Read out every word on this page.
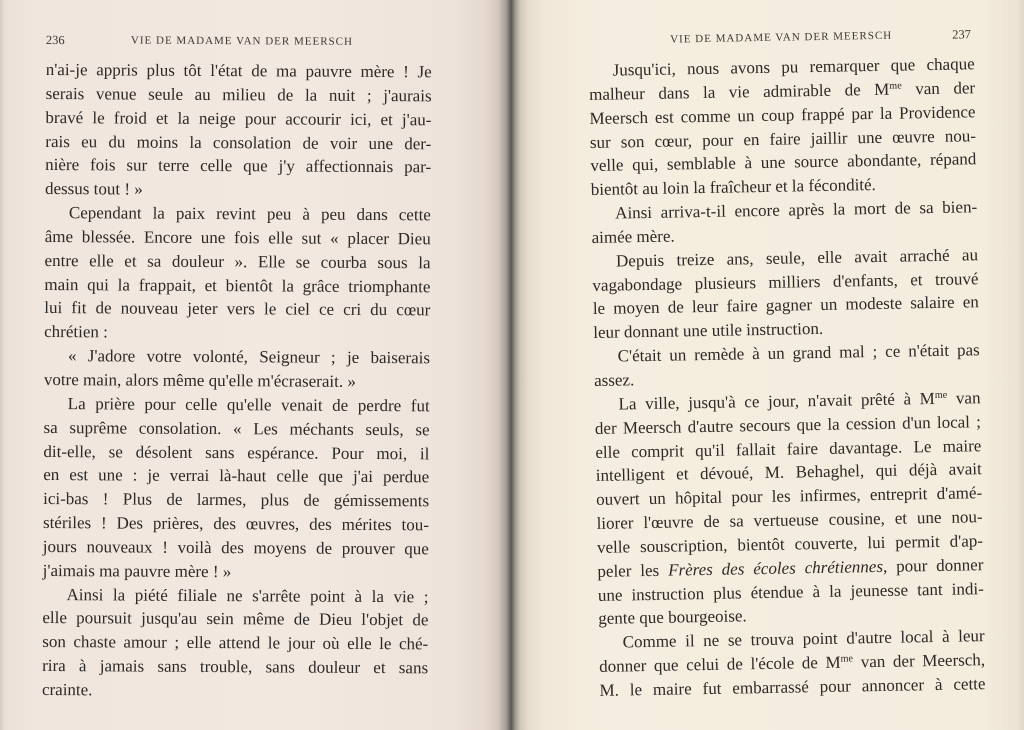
236	VIE DE MADAME VAN DER MEERSCH
n'ai-je appris plus tôt l'état de ma pauvre mère ! Je
serais venue seule au milieu de la nuit ; j'aurais
bravé le froid et la neige pour accourir ici, et j'au-
rais eu du moins la consolation de voir une der-
nière fois sur terre celle que j'y affectionnais par-
dessus tout ! »
Cependant la paix revint peu à peu dans cette
âme blessée. Encore une fois elle sut « placer Dieu
entre elle et sa douleur ». Elle se courba sous la
main qui la frappait, et bientôt la grâce triomphante
lui fit de nouveau jeter vers le ciel ce cri du cœur
chrétien :
« J'adore votre volonté, Seigneur ; je baiserais
votre main, alors même qu'elle m'écraserait. »
La prière pour celle qu'elle venait de perdre fut
sa suprême consolation. « Les méchants seuls, se
dit-elle, se désolent sans espérance. Pour moi, il
en est une : je verrai là-haut celle que j'ai perdue
ici-bas ! Plus de larmes, plus de gémissements
stériles ! Des prières, des œuvres, des mérites tou-
jours nouveaux ! voilà des moyens de prouver que
j'aimais ma pauvre mère ! »
Ainsi la piété filiale ne s'arrête point à la vie ;
elle poursuit jusqu'au sein même de Dieu l'objet de
son chaste amour ; elle attend le jour où elle le ché-
rira à jamais sans trouble, sans douleur et sans
crainte.
VIE DE MADAME VAN DER MEERSCH	237
Jusqu'ici, nous avons pu remarquer que chaque
malheur dans la vie admirable de $M^{me}$ van der
Meersch est comme un coup frappé par la Providence
sur son cœur, pour en faire jaillir une œuvre nou-
velle qui, semblable à une source abondante, répand
bientôt au loin la fraîcheur et la fécondité.
Ainsi arriva-t-il encore après la mort de sa bien-
aimée mère.
Depuis treize ans, seule, elle avait arraché au
vagabondage plusieurs milliers d'enfants, et trouvé
le moyen de leur faire gagner un modeste salaire en
leur donnant une utile instruction.
C'était un remède à un grand mal ; ce n'était pas
assez.
La ville, jusqu'à ce jour, n'avait prêté à $M^{me}$ van
der Meersch d'autre secours que la cession d'un local ;
elle comprit qu'il fallait faire davantage. Le maire
intelligent et dévoué, M. Behaghel, qui déjà avait
ouvert un hôpital pour les infirmes, entreprit d'amé-
liorer l'œuvre de sa vertueuse cousine, et une nou-
velle souscription, bientôt couverte, lui permit d'ap-
peler les Frères des écoles chrétiennes, pour donner
une instruction plus étendue à la jeunesse tant indi-
gente que bourgeoise.
Comme il ne se trouva point d'autre local à leur
donner que celui de l'école de $M^{me}$ van der Meersch,
M. le maire fut embarrassé pour annoncer à cette
